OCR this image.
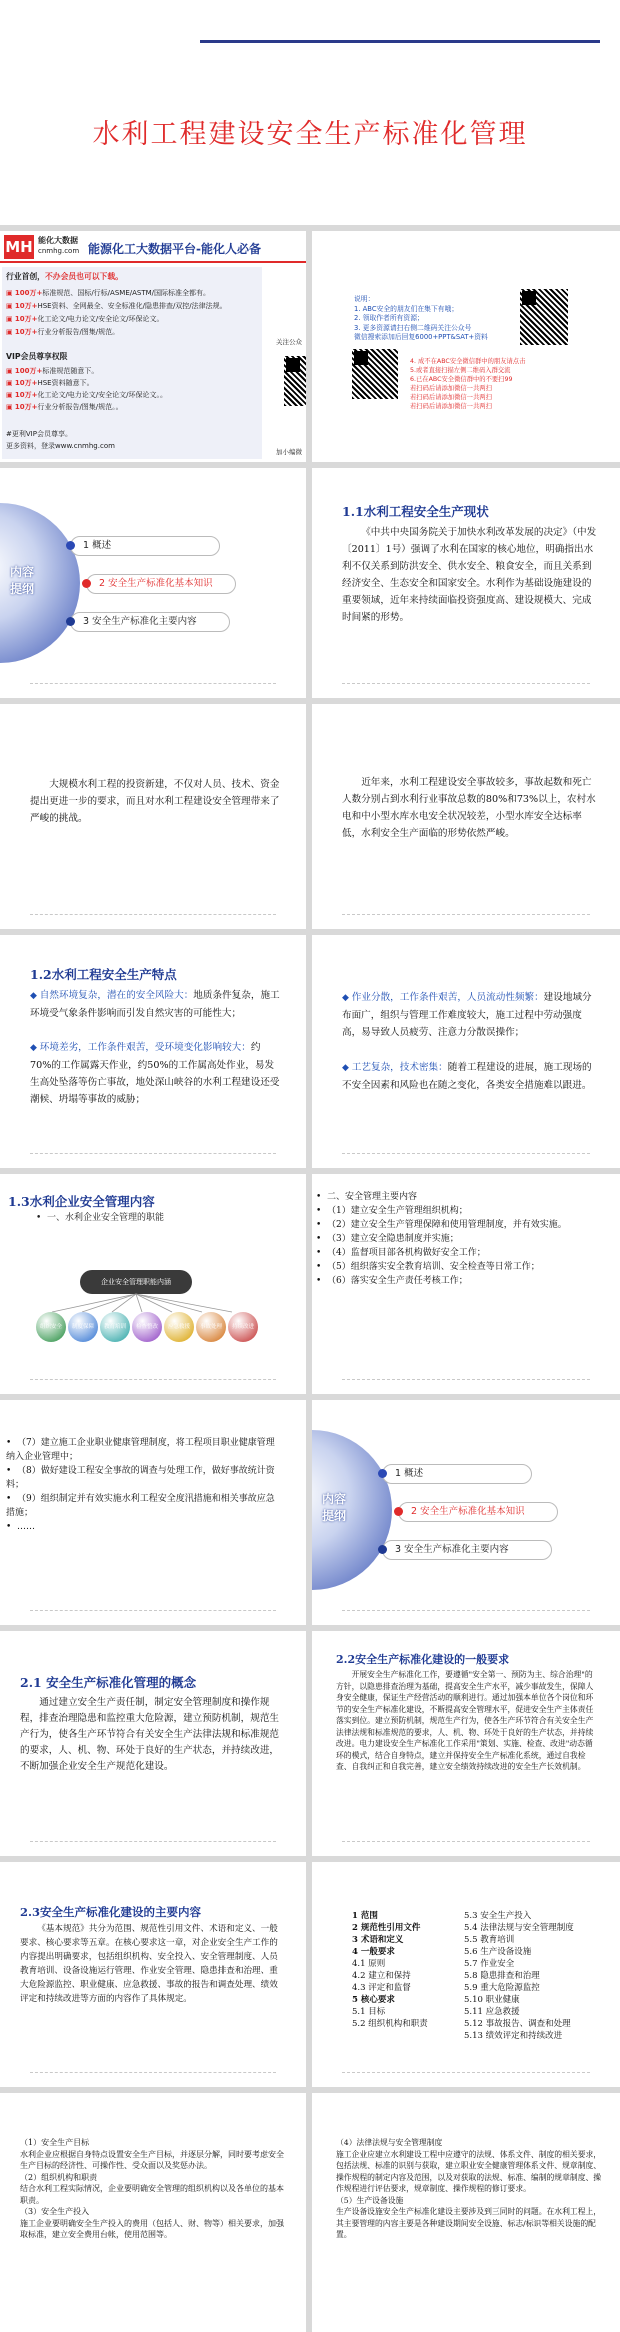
水利工程建设安全生产标准化管理
MH 能化大数据
cnmhg.com 能源化工大数据平台-能化人必备
行业首创，不办会员也可以下载。
▣ 100万+标准规范、国标/行标/ASME/ASTM/国际标准全都有。
▣ 10万+HSE资料、全网最全、安全标准化/隐患排查/双控/法律法规。
▣ 10万+化工论文/电力论文/安全论文/环保论文。
▣ 10万+行业分析报告/图集/规范。
VIP会员尊享权限
▣ 100万+标准规范随意下。
▣ 10万+HSE资料随意下。
▣ 10万+化工论文/电力论文/安全论文/环保论文。。
▣ 10万+行业分析报告/图集/规范。。
#更利VIP会员尊享。
更多资料，登录www.cnmhg.com
关注公众
加小编微
说明：
1. ABC安全的朋友们在集下有哦；
2. 领取作者所有资源；
3. 更多资源请扫右侧二维码关注公众号
微信搜索添加后回复6000+PPT&SAT+资料
4. 成不在ABC安全微信群中的朋友请点击
5.或者直接扫描左侧二维码入群交流
6.已在ABC安全微信群中的不要扫99
若扫码后请添加微信一共两扫
若扫码后请添加微信一共两扫
若扫码后请添加微信一共两扫
内容
提纲
1 概述
2 安全生产标准化基本知识
3 安全生产标准化主要内容
1.1水利工程安全生产现状
《中共中央国务院关于加快水利改革发展的决定》（中发〔2011〕1号）强调了水利在国家的核心地位，明确指出水利不仅关系到防洪安全、供水安全、粮食安全，而且关系到经济安全、生态安全和国家安全。水利作为基础设施建设的重要领域，近年来持续面临投资强度高、建设规模大、完成时间紧的形势。
大规模水利工程的投资新建，不仅对人员、技术、资金提出更进一步的要求，而且对水利工程建设安全管理带来了严峻的挑战。
近年来，水利工程建设安全事故较多，事故起数和死亡人数分别占到水利行业事故总数的80%和73%以上，农村水电和中小型水库水电安全状况较差，小型水库安全达标率低，水利安全生产面临的形势依然严峻。
1.2水利工程安全生产特点
◆ 自然环境复杂，潜在的安全风险大：地质条件复杂，施工环境受气象条件影响而引发自然灾害的可能性大；
◆ 环境差劣，工作条件艰苦，受环境变化影响较大：约70%的工作属露天作业，约50%的工作属高处作业，易发生高处坠落等伤亡事故，地处深山峡谷的水利工程建设还受潮候、坍塌等事故的威胁；
◆ 作业分散，工作条件艰苦，人员流动性频繁：建设地域分布面广，组织与管理工作难度较大，施工过程中劳动强度高，易导致人员疲劳、注意力分散误操作；
◆ 工艺复杂，技术密集：随着工程建设的进展，施工现场的不安全因素和风险也在随之变化，各类安全措施难以跟进。
1.3水利企业安全管理内容
•  一、水利企业安全管理的职能
企业安全管理职能内涵
组织安全	制度保障	教育培训	检查整改	应急救援	事故处理	持续改进
•  二、安全管理主要内容
•  （1）建立安全生产管理组织机构；
•  （2）建立安全生产管理保障和使用管理制度，并有效实施。
•  （3）建立安全隐患制度并实施；
•  （4）监督项目部各机构做好安全工作；
•  （5）组织落实安全教育培训、安全检查等日常工作；
•  （6）落实安全生产责任考核工作；
•  （7）建立施工企业职业健康管理制度，将工程项目职业健康管理纳入企业管理中；
•  （8）做好建设工程安全事故的调查与处理工作，做好事故统计资料；
•  （9）组织制定并有效实施水利工程安全度汛措施和相关事故应急措施；
•  ……
内容
提纲
1 概述
2 安全生产标准化基本知识
3 安全生产标准化主要内容
2.1 安全生产标准化管理的概念
通过建立安全生产责任制，制定安全管理制度和操作规程，排查治理隐患和监控重大危险源，建立预防机制，规范生产行为，使各生产环节符合有关安全生产法律法规和标准规范的要求，人、机、物、环处于良好的生产状态，并持续改进，不断加强企业安全生产规范化建设。
2.2安全生产标准化建设的一般要求
开展安全生产标准化工作，要遵循"安全第一、预防为主、综合治理"的方针，以隐患排查治理为基础，提高安全生产水平，减少事故发生，保障人身安全健康，保证生产经营活动的顺利进行。通过加强本单位各个岗位和环节的安全生产标准化建设，不断提高安全管理水平，促进安全生产主体责任落实到位。建立预防机制，规范生产行为，使各生产环节符合有关安全生产法律法规和标准规范的要求，人、机、物、环处于良好的生产状态，并持续改进。电力建设安全生产标准化工作采用"策划、实施、检查、改进"动态循环的模式，结合自身特点，建立并保持安全生产标准化系统，通过自我检查、自我纠正和自我完善，建立安全绩效持续改进的安全生产长效机制。
2.3安全生产标准化建设的主要内容
《基本规范》共分为范围、规范性引用文件、术语和定义、一般要求、核心要求等五章。在核心要求这一章，对企业安全生产工作的内容提出明确要求，包括组织机构、安全投入、安全管理制度、人员教育培训、设备设施运行管理、作业安全管理、隐患排查和治理、重大危险源监控、职业健康、应急救援、事故的报告和调查处理、绩效评定和持续改进等方面的内容作了具体规定。
1 范围
2 规范性引用文件
3 术语和定义
4 一般要求
4.1 原则
4.2 建立和保持
4.3 评定和监督
5 核心要求
5.1 目标
5.2 组织机构和职责
5.3 安全生产投入
5.4 法律法规与安全管理制度
5.5 教育培训
5.6 生产设备设施
5.7 作业安全
5.8 隐患排查和治理
5.9 重大危险源监控
5.10 职业健康
5.11 应急救援
5.12 事故报告、调查和处理
5.13 绩效评定和持续改进
（1）安全生产目标
水利企业应根据自身特点设置安全生产目标，并逐层分解，同时要考虑安全生产目标的经济性、可操作性、受众面以及奖惩办法。
（2）组织机构和职责
结合水利工程实际情况，企业要明确安全管理的组织机构以及各单位的基本职责。
（3）安全生产投入
施工企业要明确安全生产投入的费用（包括人、财、物等）相关要求，加强取标准，建立安全费用台帐，使用范围等。
（4）法律法规与安全管理制度
施工企业应建立水利建设工程中应遵守的法规、体系文件、制度的相关要求，包括法规、标准的识别与获取，建立职业安全健康管理体系文件、规章制度、操作规程的制定内容及范围，以及对获取的法规、标准、编制的规章制度、操作规程进行评估要求，规章制度、操作规程的修订要求。
（5）生产设备设施
生产设备设施安全生产标准化建设主要涉及到三同时的问题。在水利工程上，其主要管理的内容主要是各种建设期间安全设施、标志/标识等相关设施的配置。
